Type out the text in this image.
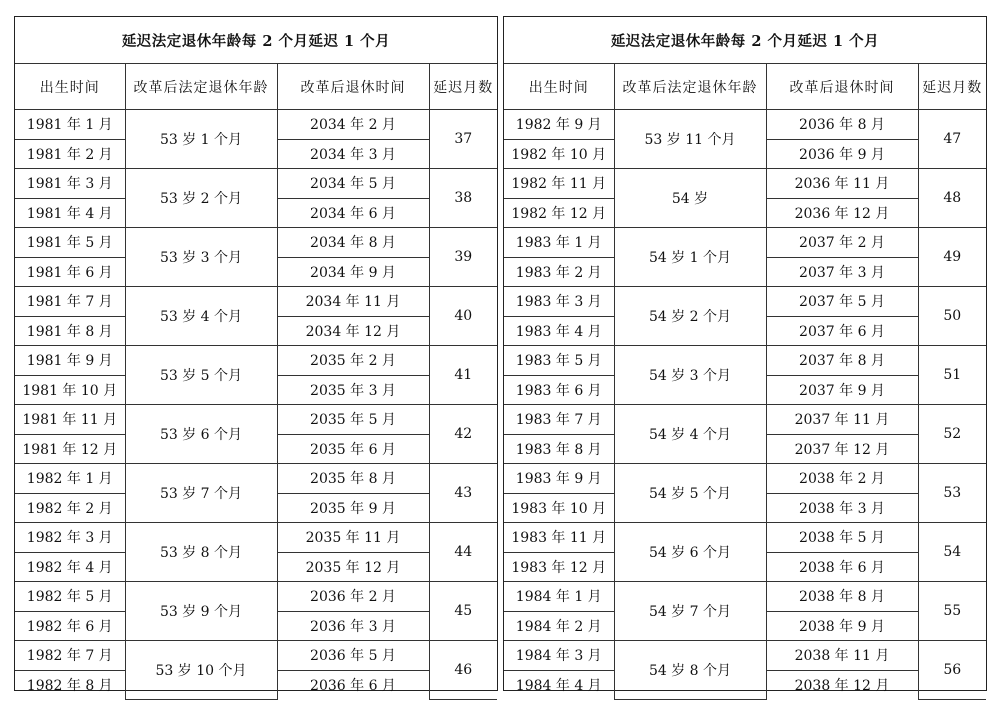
延迟法定退休年龄每 2 个月延迟 1 个月			
出生时间	改革后法定退休年龄	改革后退休时间	延迟月数
1981 年 1 月	53 岁 1 个月	2034 年 2 月	37
1981 年 2 月		2034 年 3 月	
1981 年 3 月	53 岁 2 个月	2034 年 5 月	38
1981 年 4 月		2034 年 6 月	
1981 年 5 月	53 岁 3 个月	2034 年 8 月	39
1981 年 6 月		2034 年 9 月	
1981 年 7 月	53 岁 4 个月	2034 年 11 月	40
1981 年 8 月		2034 年 12 月	
1981 年 9 月	53 岁 5 个月	2035 年 2 月	41
1981 年 10 月		2035 年 3 月	
1981 年 11 月	53 岁 6 个月	2035 年 5 月	42
1981 年 12 月		2035 年 6 月	
1982 年 1 月	53 岁 7 个月	2035 年 8 月	43
1982 年 2 月		2035 年 9 月	
1982 年 3 月	53 岁 8 个月	2035 年 11 月	44
1982 年 4 月		2035 年 12 月	
1982 年 5 月	53 岁 9 个月	2036 年 2 月	45
1982 年 6 月		2036 年 3 月	
1982 年 7 月	53 岁 10 个月	2036 年 5 月	46
1982 年 8 月		2036 年 6 月	
延迟法定退休年龄每 2 个月延迟 1 个月			
出生时间	改革后法定退休年龄	改革后退休时间	延迟月数
1982 年 9 月	53 岁 11 个月	2036 年 8 月	47
1982 年 10 月		2036 年 9 月	
1982 年 11 月	54 岁	2036 年 11 月	48
1982 年 12 月		2036 年 12 月	
1983 年 1 月	54 岁 1 个月	2037 年 2 月	49
1983 年 2 月		2037 年 3 月	
1983 年 3 月	54 岁 2 个月	2037 年 5 月	50
1983 年 4 月		2037 年 6 月	
1983 年 5 月	54 岁 3 个月	2037 年 8 月	51
1983 年 6 月		2037 年 9 月	
1983 年 7 月	54 岁 4 个月	2037 年 11 月	52
1983 年 8 月		2037 年 12 月	
1983 年 9 月	54 岁 5 个月	2038 年 2 月	53
1983 年 10 月		2038 年 3 月	
1983 年 11 月	54 岁 6 个月	2038 年 5 月	54
1983 年 12 月		2038 年 6 月	
1984 年 1 月	54 岁 7 个月	2038 年 8 月	55
1984 年 2 月		2038 年 9 月	
1984 年 3 月	54 岁 8 个月	2038 年 11 月	56
1984 年 4 月		2038 年 12 月	
